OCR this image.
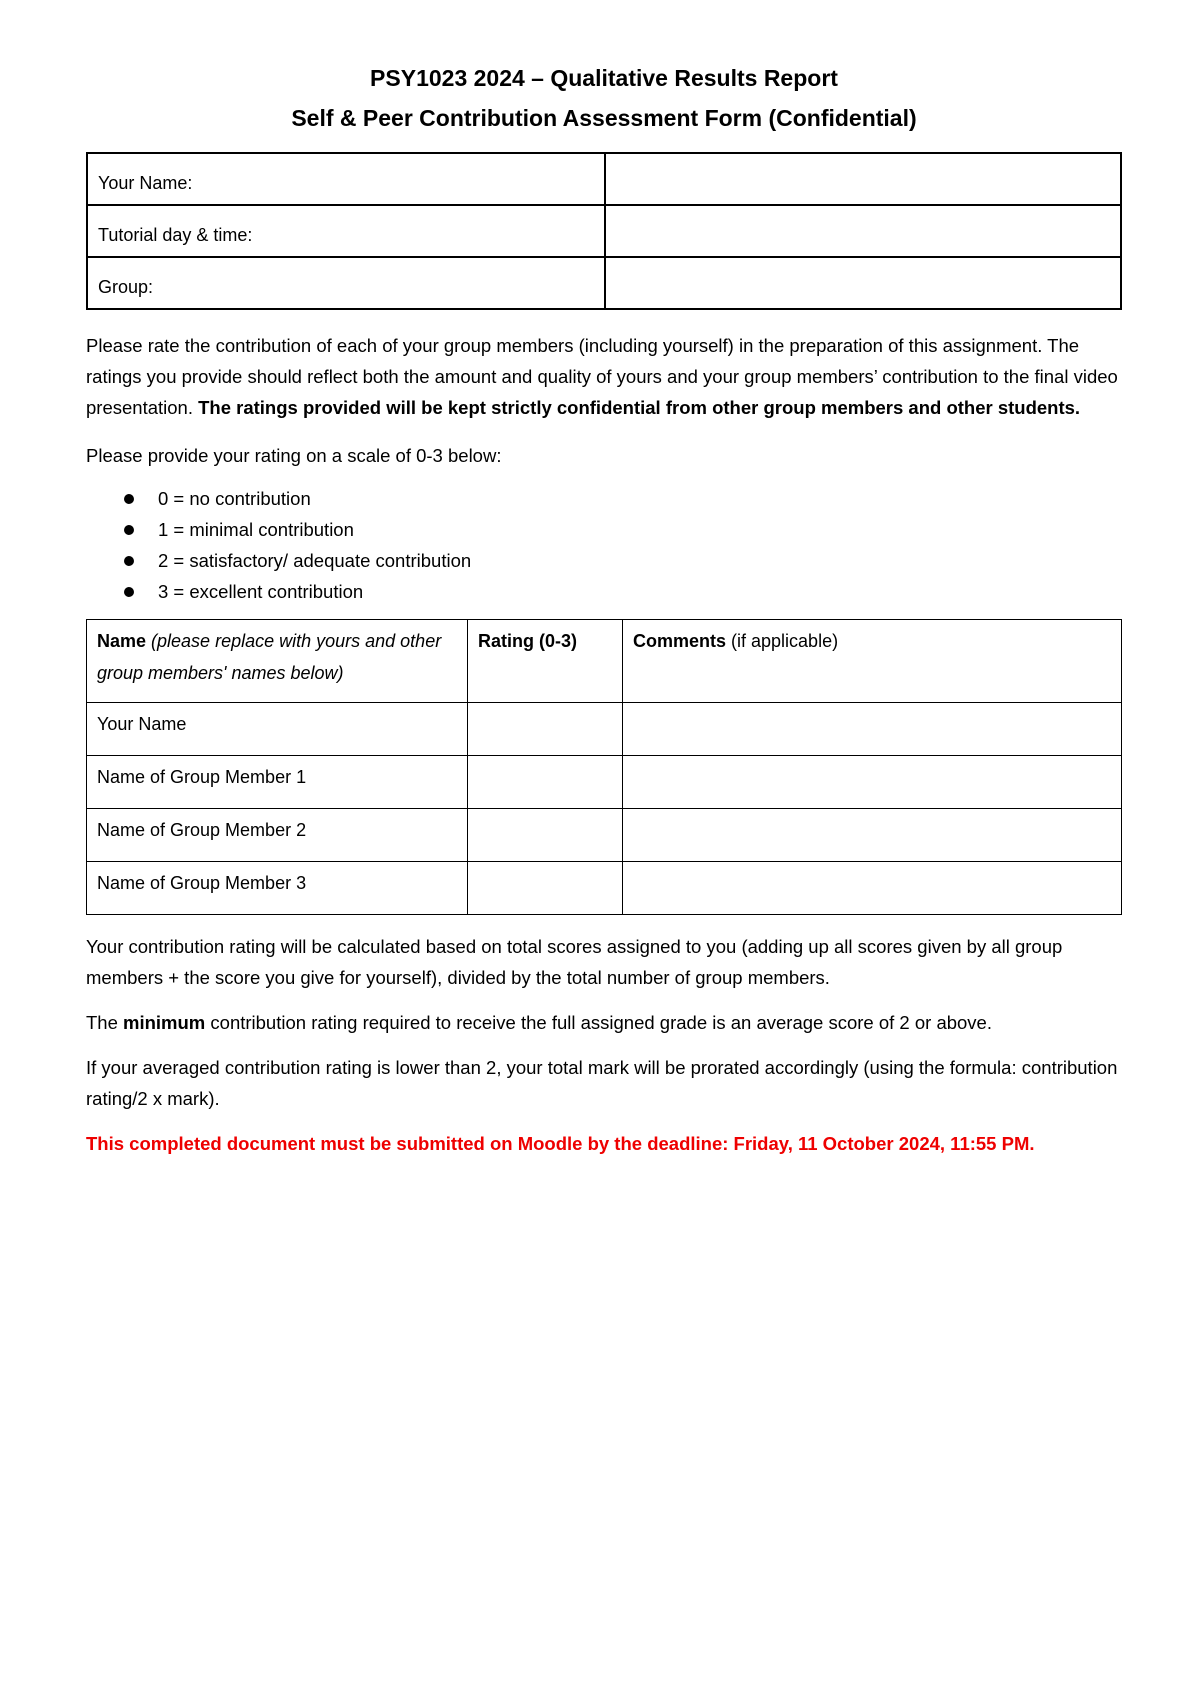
PSY1023 2024 – Qualitative Results Report
Self & Peer Contribution Assessment Form (Confidential)
Your Name:	
Tutorial day & time:	
Group:	

Please rate the contribution of each of your group members (including yourself) in the preparation of this assignment. The ratings you provide should reflect both the amount and quality of yours and your group members’ contribution to the final video presentation. The ratings provided will be kept strictly confidential from other group members and other students.

Please provide your rating on a scale of 0-3 below:

0 = no contribution
1 = minimal contribution
2 = satisfactory/ adequate contribution
3 = excellent contribution
Name (please replace with yours and other group members' names below)	Rating (0-3)	Comments (if applicable)
Your Name		
Name of Group Member 1		
Name of Group Member 2		
Name of Group Member 3		

Your contribution rating will be calculated based on total scores assigned to you (adding up all scores given by all group members + the score you give for yourself), divided by the total number of group members.

The minimum contribution rating required to receive the full assigned grade is an average score of 2 or above.

If your averaged contribution rating is lower than 2, your total mark will be prorated accordingly (using the formula: contribution rating/2 x mark).

This completed document must be submitted on Moodle by the deadline: Friday, 11 October 2024, 11:55 PM.
